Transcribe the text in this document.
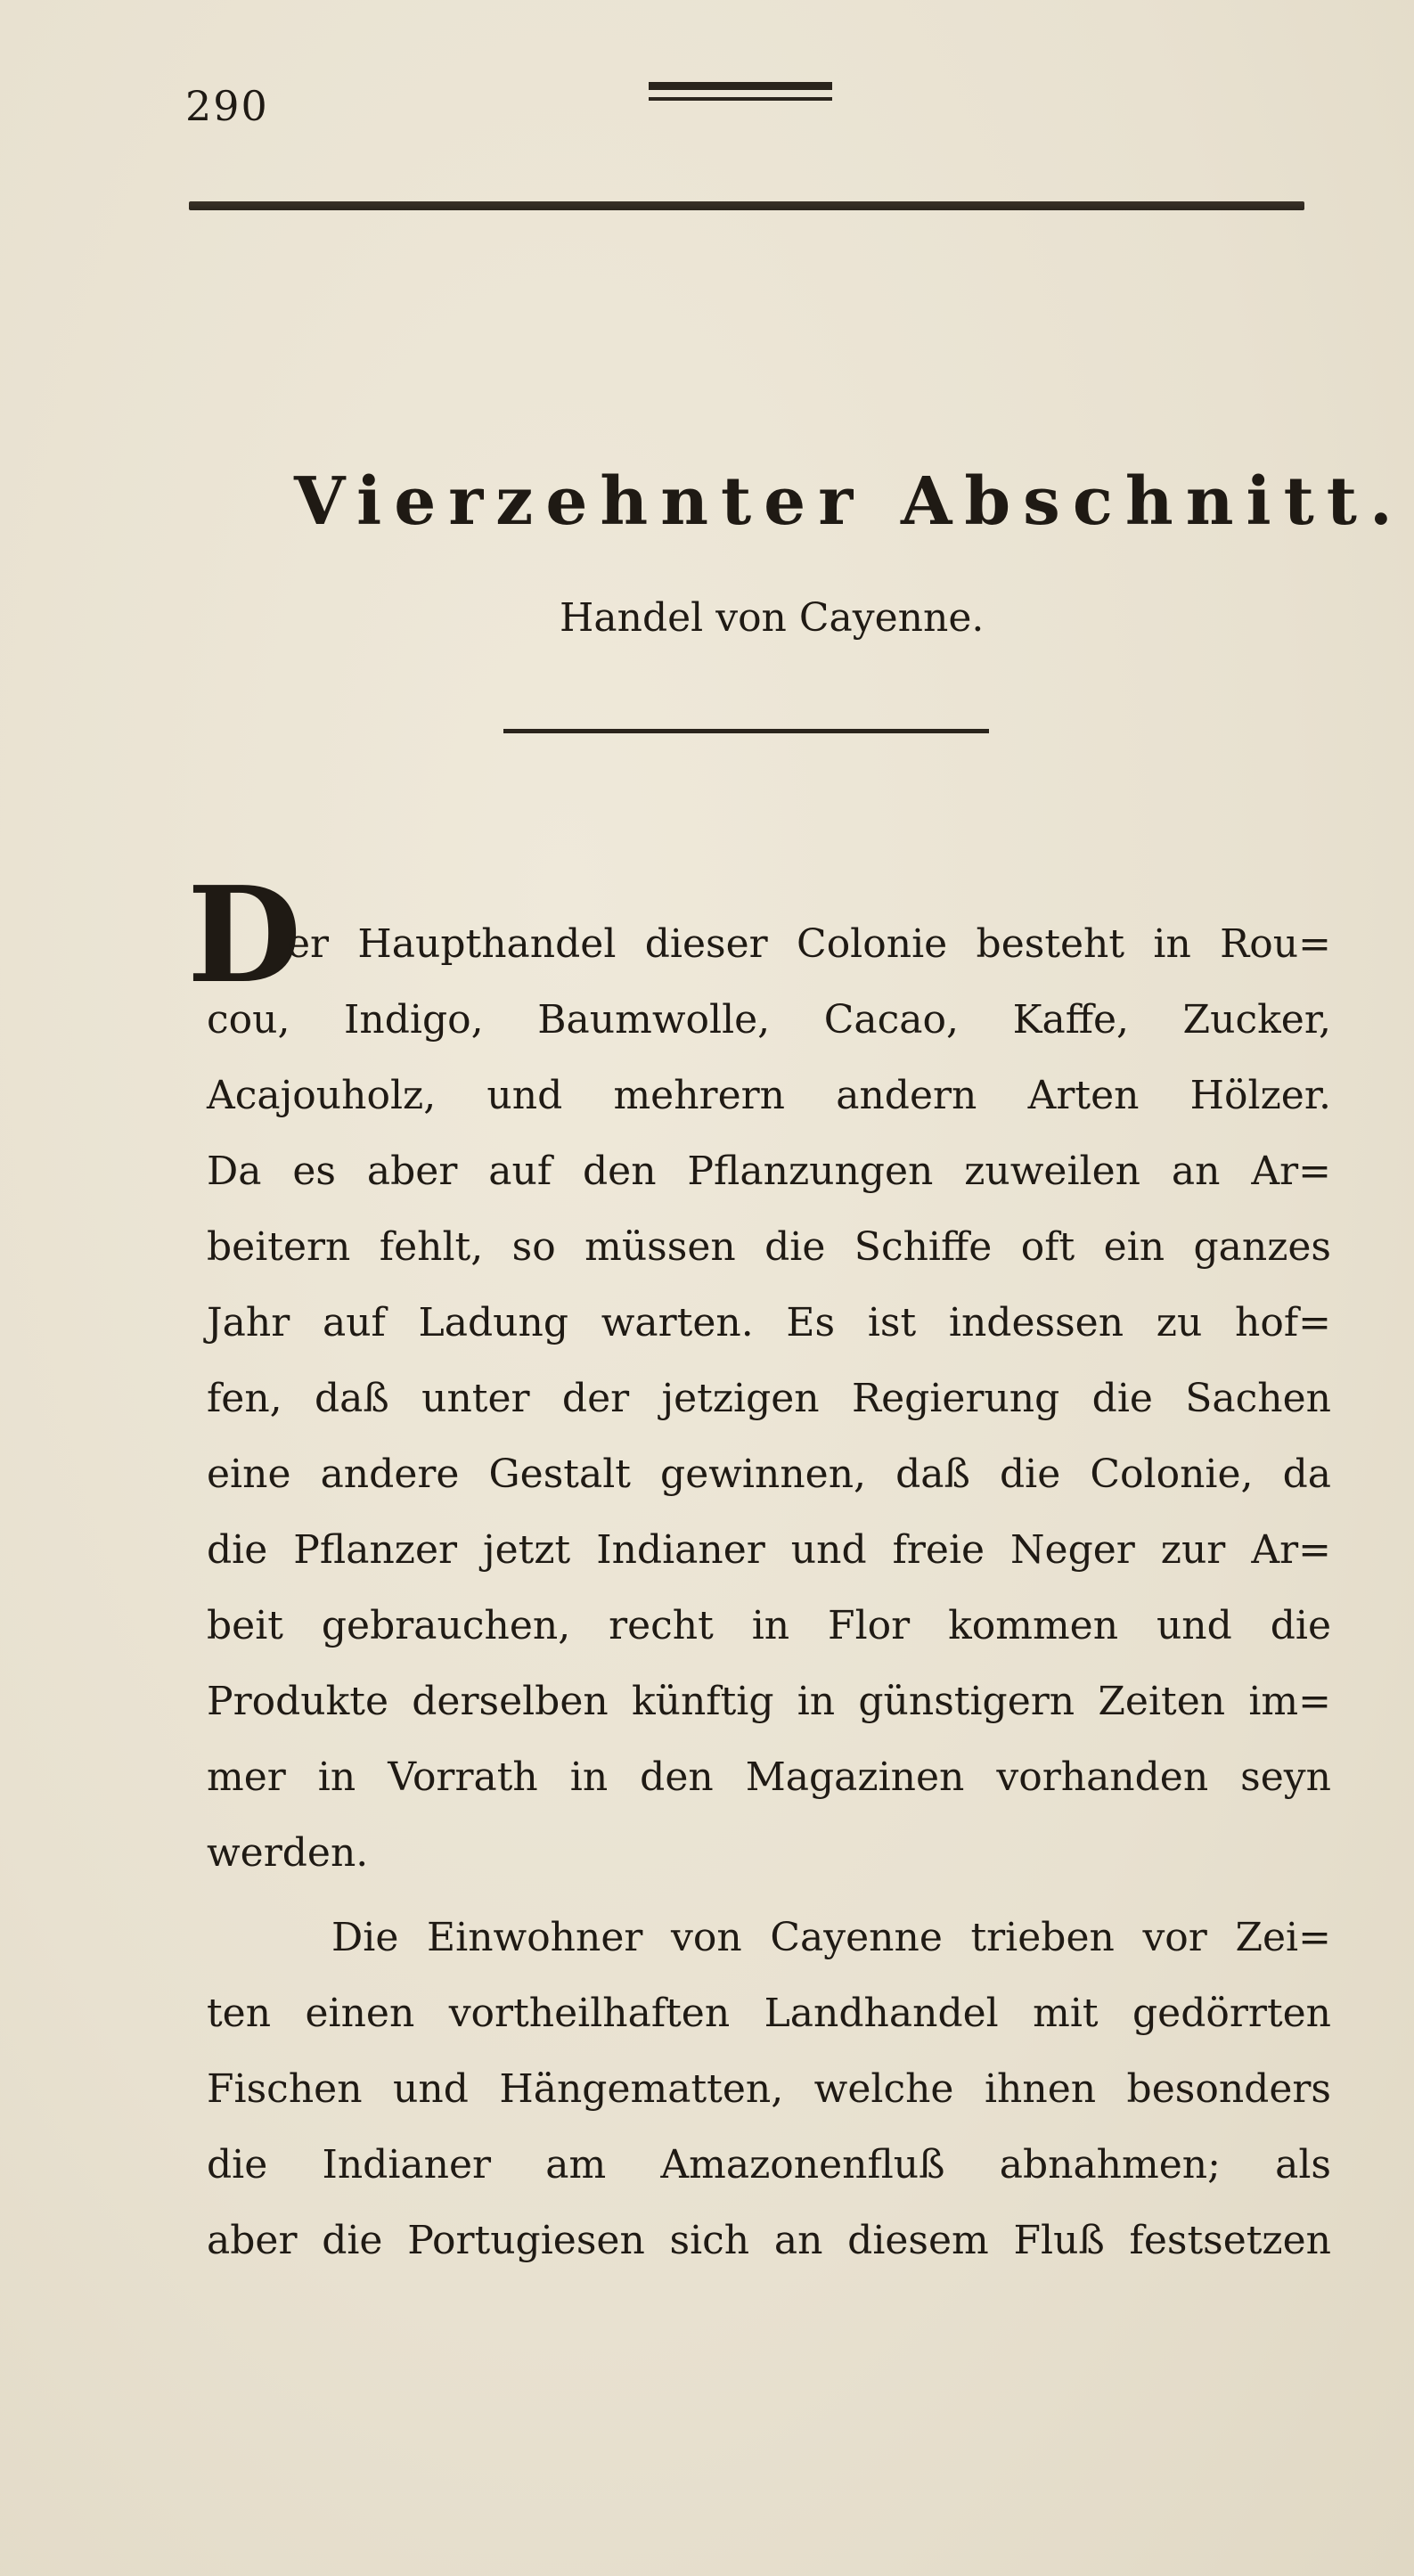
290
Vierzehnter Abschnitt.
Handel von Cayenne.
D
er Haupthandel dieser Colonie besteht in Rou=
cou, Indigo, Baumwolle, Cacao, Kaffe, Zucker,
Acajouholz, und mehrern andern Arten Hölzer.
Da es aber auf den Pflanzungen zuweilen an Ar=
beitern fehlt, so müssen die Schiffe oft ein ganzes
Jahr auf Ladung warten. Es ist indessen zu hof=
fen, daß unter der jetzigen Regierung die Sachen
eine andere Gestalt gewinnen, daß die Colonie, da
die Pflanzer jetzt Indianer und freie Neger zur Ar=
beit gebrauchen, recht in Flor kommen und die
Produkte derselben künftig in günstigern Zeiten im=
mer in Vorrath in den Magazinen vorhanden seyn
werden.
Die Einwohner von Cayenne trieben vor Zei=
ten einen vortheilhaften Landhandel mit gedörrten
Fischen und Hängematten, welche ihnen besonders
die Indianer am Amazonenfluß abnahmen; als
aber die Portugiesen sich an diesem Fluß festsetzen
